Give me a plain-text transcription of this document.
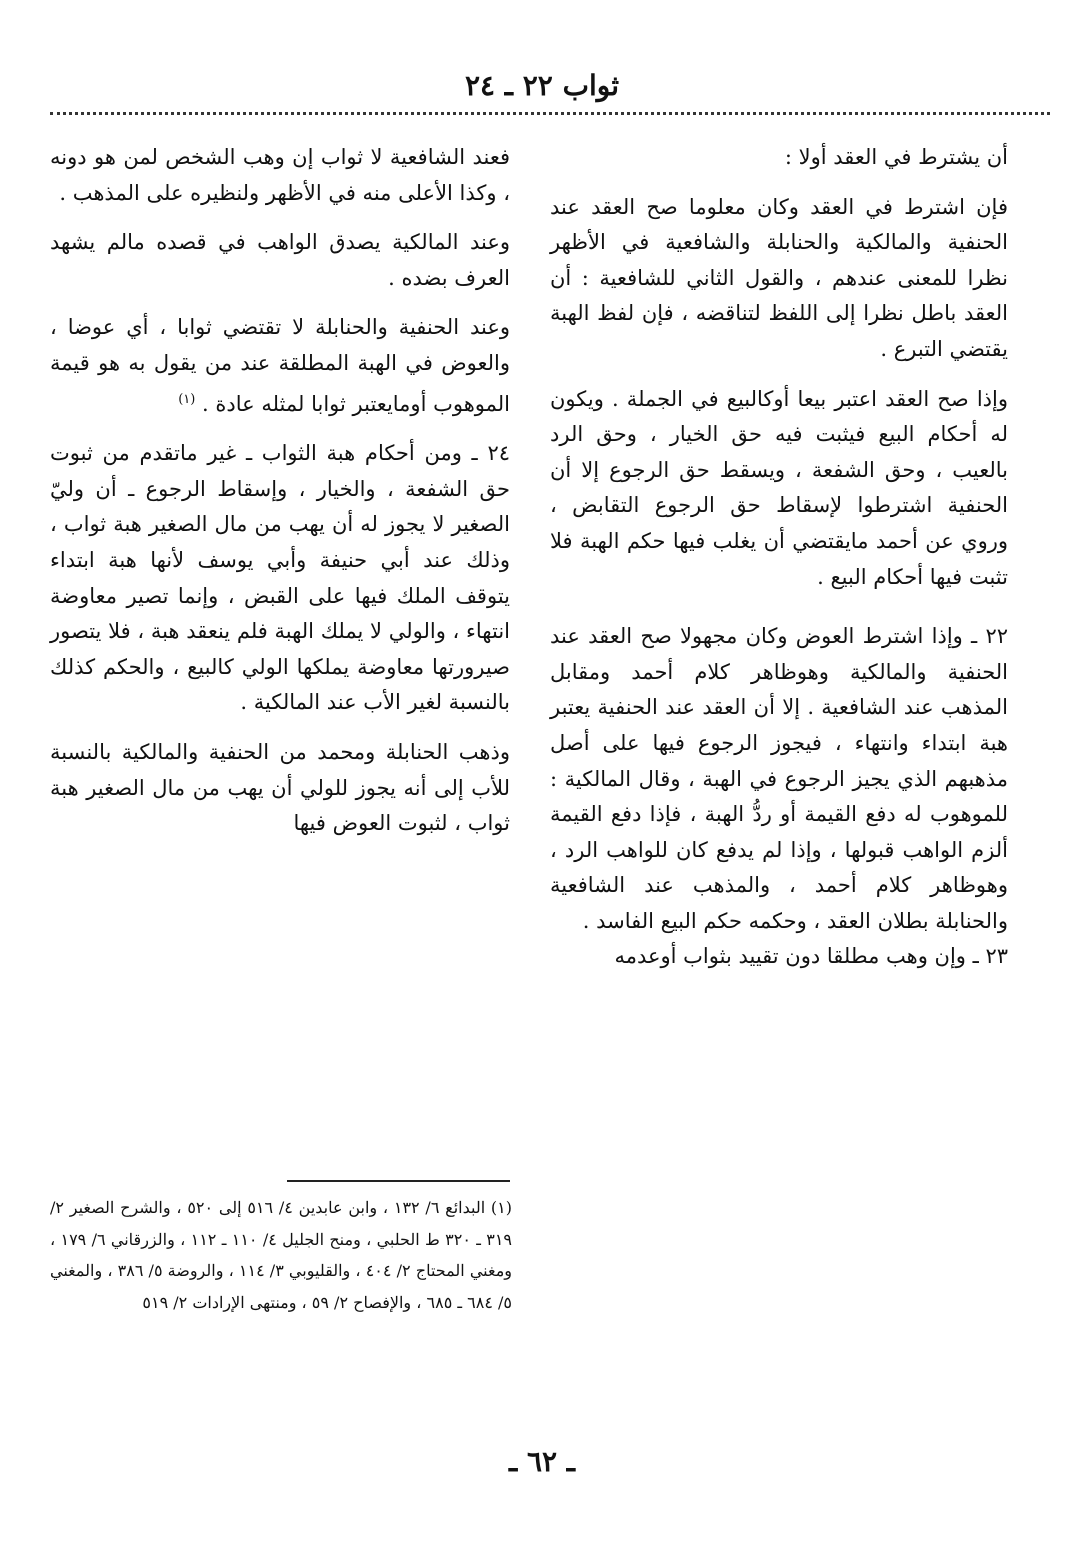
ثواب ٢٢ ـ ٢٤

أن يشترط في العقد أولا :

فإن اشترط في العقد وكان معلوما صح العقد عند الحنفية والمالكية والحنابلة والشافعية في الأظهر نظرا للمعنى عندهم ، والقول الثاني للشافعية : أن العقد باطل نظرا إلى اللفظ لتناقضه ، فإن لفظ الهبة يقتضي التبرع .

وإذا صح العقد اعتبر بيعا أوكالبيع في الجملة . ويكون له أحكام البيع فيثبت فيه حق الخيار ، وحق الرد بالعيب ، وحق الشفعة ، ويسقط حق الرجوع إلا أن الحنفية اشترطوا لإسقاط حق الرجوع التقابض ، وروي عن أحمد مايقتضي أن يغلب فيها حكم الهبة فلا تثبت فيها أحكام البيع .

٢٢ ـ وإذا اشترط العوض وكان مجهولا صح العقد عند الحنفية والمالكية وهوظاهر كلام أحمد ومقابل المذهب عند الشافعية . إلا أن العقد عند الحنفية يعتبر هبة ابتداء وانتهاء ، فيجوز الرجوع فيها على أصل مذهبهم الذي يجيز الرجوع في الهبة ، وقال المالكية : للموهوب له دفع القيمة أو ردُّ الهبة ، فإذا دفع القيمة ألزم الواهب قبولها ، وإذا لم يدفع كان للواهب الرد ، وهوظاهر كلام أحمد ، والمذهب عند الشافعية والحنابلة بطلان العقد ، وحكمه حكم البيع الفاسد .

٢٣ ـ وإن وهب مطلقا دون تقييد بثواب أوعدمه

فعند الشافعية لا ثواب إن وهب الشخص لمن هو دونه ، وكذا الأعلى منه في الأظهر ولنظيره على المذهب .

وعند المالكية يصدق الواهب في قصده مالم يشهد العرف بضده .

وعند الحنفية والحنابلة لا تقتضي ثوابا ، أي عوضا ، والعوض في الهبة المطلقة عند من يقول به هو قيمة الموهوب أومايعتبر ثوابا لمثله عادة . $^{(١)}$

٢٤ ـ ومن أحكام هبة الثواب ـ غير ماتقدم من ثبوت حق الشفعة ، والخيار ، وإسقاط الرجوع ـ أن وليّ الصغير لا يجوز له أن يهب من مال الصغير هبة ثواب ، وذلك عند أبي حنيفة وأبي يوسف لأنها هبة ابتداء يتوقف الملك فيها على القبض ، وإنما تصير معاوضة انتهاء ، والولي لا يملك الهبة فلم ينعقد هبة ، فلا يتصور صيرورتها معاوضة يملكها الولي كالبيع ، والحكم كذلك بالنسبة لغير الأب عند المالكية .

وذهب الحنابلة ومحمد من الحنفية والمالكية بالنسبة للأب إلى أنه يجوز للولي أن يهب من مال الصغير هبة ثواب ، لثبوت العوض فيها

(١) البدائع ٦/ ١٣٢ ، وابن عابدين ٤/ ٥١٦ إلى ٥٢٠ ، والشرح الصغير ٢/ ٣١٩ ـ ٣٢٠ ط الحلبي ، ومنح الجليل ٤/ ١١٠ ـ ١١٢ ، والزرقاني ٦/ ١٧٩ ، ومغني المحتاج ٢/ ٤٠٤ ، والقليوبي ٣/ ١١٤ ، والروضة ٥/ ٣٨٦ ، والمغني ٥/ ٦٨٤ ـ ٦٨٥ ، والإفصاح ٢/ ٥٩ ، ومنتهى الإرادات ٢/ ٥١٩

ـ ٦٢ ـ
